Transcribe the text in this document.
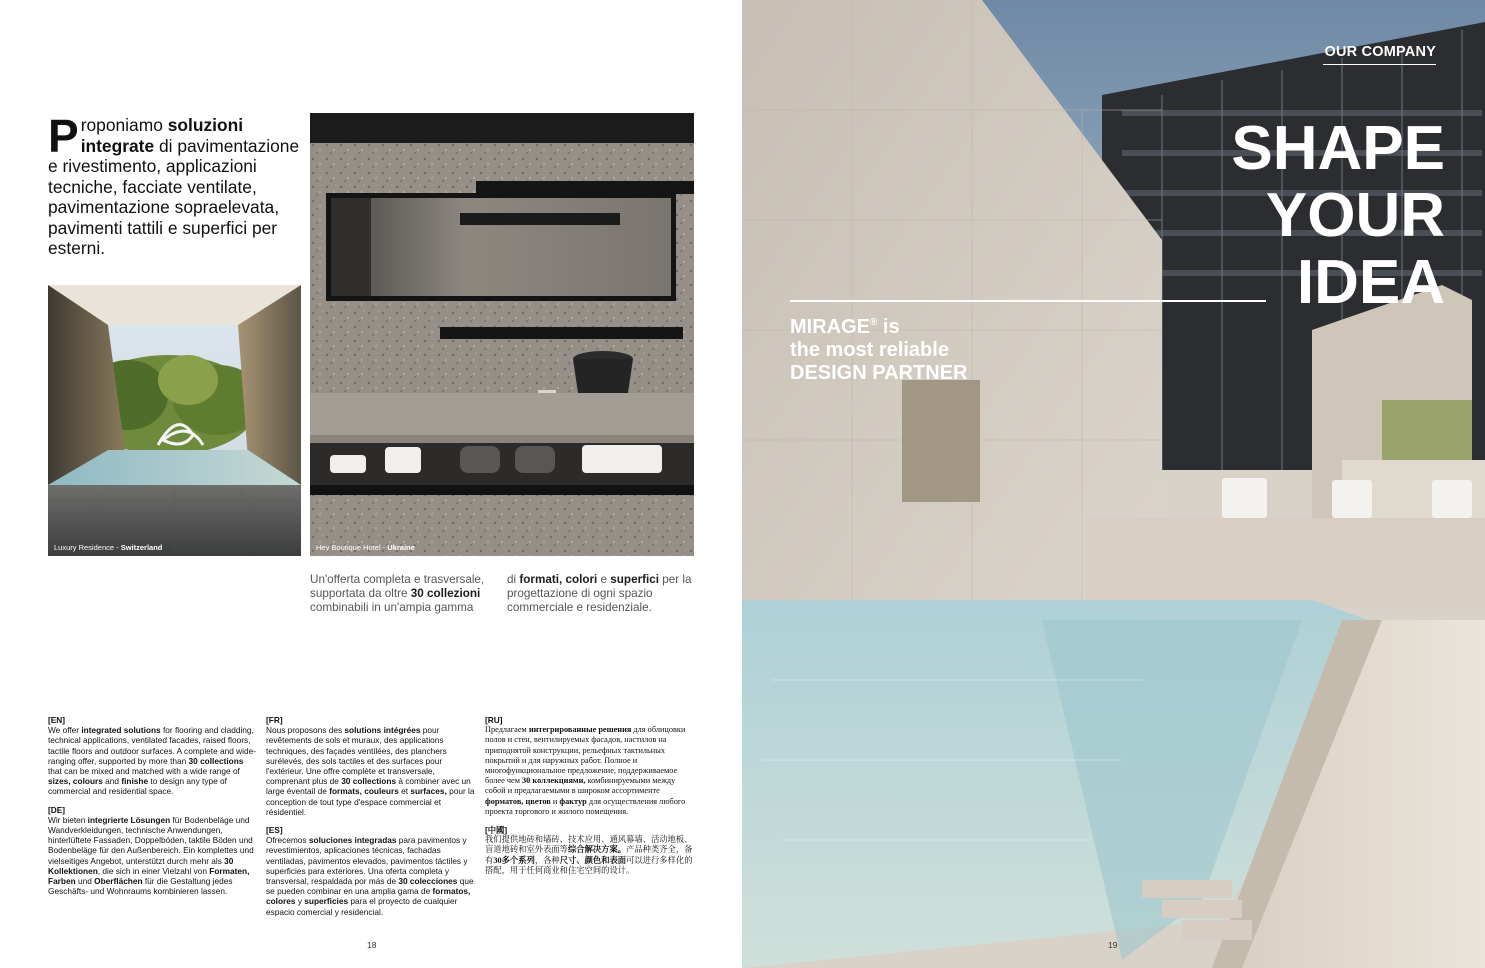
Proponiamo soluzioni integrate di pavimentazione e rivestimento, applicazioni tecniche, facciate ventilate, pavimentazione sopraelevata, pavimenti tattili e superfici per esterni.
Luxury Residence - Switzerland	Hey Boutique Hotel - Ukraine
Un'offerta completa e trasversale, supportata da oltre 30 collezioni combinabili in un'ampia gamma
di formati, colori e superfici per la progettazione di ogni spazio commerciale e residenziale.

[EN]
We offer integrated solutions for flooring and cladding, technical applications, ventilated facades, raised floors, tactile floors and outdoor surfaces. A complete and wide-ranging offer, supported by more than 30 collections that can be mixed and matched with a wide range of sizes, colours and finishe to design any type of commercial and residential space.

[DE]
Wir bieten integrierte Lösungen für Bodenbeläge und Wandverkleidungen, technische Anwendungen, hinterlüftete Fassaden, Doppelböden, taktile Böden und Bodenbeläge für den Außenbereich. Ein komplettes und vielseitiges Angebot, unterstützt durch mehr als 30 Kollektionen, die sich in einer Vielzahl von Formaten, Farben und Oberflächen für die Gestaltung jedes Geschäfts- und Wohnraums kombinieren lassen.

[FR]
Nous proposons des solutions intégrées pour revêtements de sols et muraux, des applications techniques, des façades ventilées, des planchers surélevés, des sols tactiles et des surfaces pour l'extérieur. Une offre complète et transversale, comprenant plus de 30 collections à combiner avec un large éventail de formats, couleurs et surfaces, pour la conception de tout type d'espace commercial et résidentiel.

[ES]
Ofrecemos soluciones integradas para pavimentos y revestimientos, aplicaciones técnicas, fachadas ventiladas, pavimentos elevados, pavimentos táctiles y superficies para exteriores. Una oferta completa y transversal, respaldada por más de 30 colecciones que se pueden combinar en una amplia gama de formatos, colores y superficies para el proyecto de cualquier espacio comercial y residencial.

[RU]
Предлагаем интегрированные решения для облицовки полов и стен, вентилируемых фасадов, настилов на приподнятой конструкции, рельефных тактильных покрытий и для наружных работ. Полное и многофункциональное предложение, поддерживаемое более чем 30 коллекциями, комбинируемыми между собой и предлагаемыми в широком ассортименте форматов, цветов и фактур для осуществления любого проекта торгового и жилого помещения.

[中國]
我们提供地砖和墙砖、技术应用、通风幕墙、活动地板、盲道地砖和室外表面等综合解决方案。产品种类齐全，备有30多个系列，各种尺寸、颜色和表面可以进行多样化的搭配，用于任何商业和住宅空间的设计。

18
OUR COMPANY
SHAPE
YOUR
IDEA
MIRAGE® is
the most reliable
DESIGN PARTNER
19
